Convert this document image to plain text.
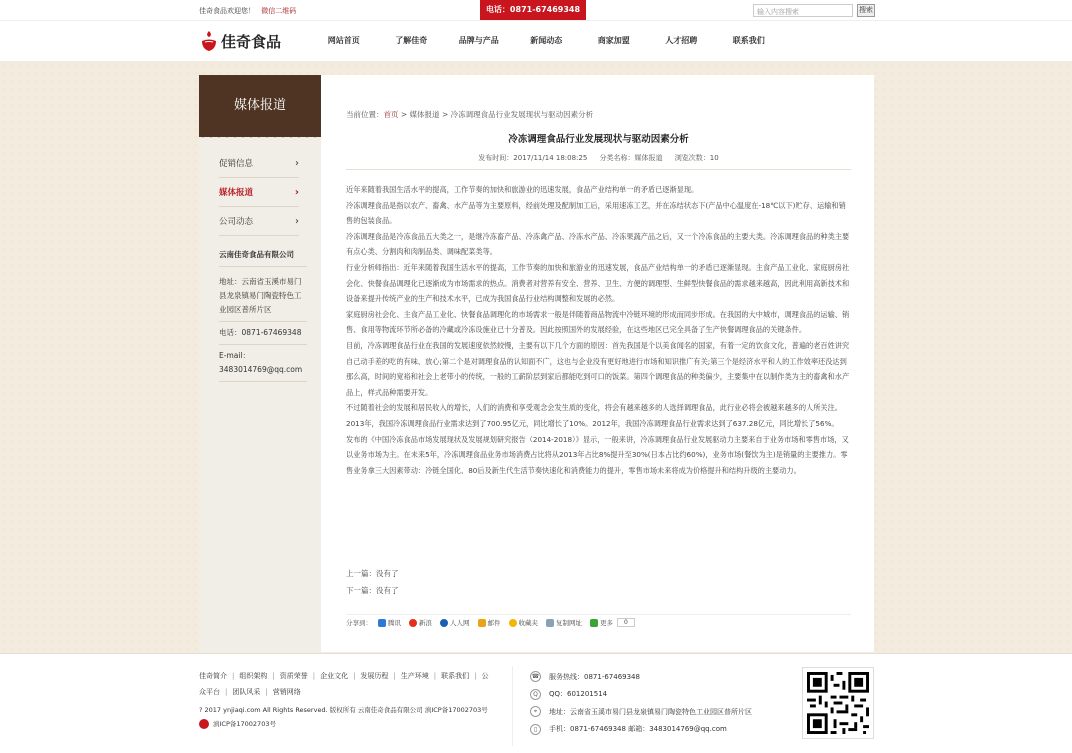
佳奇食品欢迎您！ 微信二维码	电话：0871-67469348	输入内容搜索	搜索
佳奇食品	网站首页	了解佳奇	品牌与产品	新闻动态	商家加盟	人才招聘	联系我们
媒体报道
促销信息	›
媒体报道	›
公司动态	›
云南佳奇食品有限公司
地址：云南省玉溪市易门县龙泉镇易门陶瓷特色工业园区普所片区
电话：0871-67469348
E-mail：
3483014769@qq.com
当前位置：首页 > 媒体报道 > 冷冻调理食品行业发展现状与驱动因素分析
冷冻调理食品行业发展现状与驱动因素分析
发布时间：2017/11/14 18:08:25 分类名称：媒体报道 浏览次数：10

近年来随着我国生活水平的提高，工作节奏的加快和旅游业的迅速发展，食品产业结构单一的矛盾已逐渐显现。

冷冻调理食品是指以农产、畜禽、水产品等为主要原料，经前处理及配制加工后，采用速冻工艺，并在冻结状态下(产品中心温度在-18℃以下)贮存、运输和销售的包装食品。

冷冻调理食品是冷冻食品五大类之一，是继冷冻畜产品、冷冻禽产品、冷冻水产品、冷冻果蔬产品之后，又一个冷冻食品的主要大类。冷冻调理食品的种类主要有点心类、分割肉和肉制品类、调味配菜类等。

行业分析师指出：近年来随着我国生活水平的提高，工作节奏的加快和旅游业的迅速发展，食品产业结构单一的矛盾已逐渐显现。主食产品工业化、家庭厨房社会化、快餐食品调理化已逐渐成为市场需求的热点。消费者对营养有安全、营养、卫生、方便的调理型、生鲜型快餐食品的需求越来越高，因此利用高新技术和设备来提升传统产业的生产和技术水平，已成为我国食品行业结构调整和发展的必然。

家庭厨房社会化、主食产品工业化、快餐食品调理化的市场需求一般是伴随着商品物流中冷链环境的形成而同步形成。在我国的大中城市，调理食品的运输、销售、食用等物流环节所必备的冷藏或冷冻设施业已十分普及。因此按照国外的发展经验，在这些地区已完全具备了生产快餐调理食品的关键条件。

目前，冷冻调理食品行业在我国的发展速度依然较慢，主要有以下几个方面的原因：首先我国是个以美食闻名的国家，有着一定的饮食文化，普遍的老百姓讲究自己动手差的吃的有味、放心;第二个是对调理食品的认知面不广，这也与企业没有更好地进行市场和知识推广有关;第三个是经济水平和人的工作效率还没达到那么高，时间的宽裕和社会上老带小的传统，一般的工薪阶层到家后都能吃到可口的饭菜。第四个调理食品的种类偏少，主要集中在以制作类为主的畜禽和水产品上，样式品种需要开发。

不过随着社会的发展和居民收入的增长，人们的消费和享受观念会发生质的变化，将会有越来越多的人选择调理食品，此行业必将会被越来越多的人所关注。

2013年，我国冷冻调理食品行业需求达到了700.95亿元，同比增长了10%。2012年，我国冷冻调理食品行业需求达到了637.28亿元，同比增长了56%。

发布的《中国冷冻食品市场发展现状及发展规划研究报告（2014-2018）》显示，一般来讲，冷冻调理食品行业发展驱动力主要来自于业务市场和零售市场，又以业务市场为主。在未来5年，冷冻调理食品业务市场消费占比将从2013年占比8%提升至30%(日本占比约60%)，业务市场(餐饮为主)是销量的主要推力。零售业务拿三大因素带动：冷链全国化、80后及新生代生活节奏快速化和消费能力的提升，零售市场未来将成为价格提升和结构升级的主要动力。

上一篇：没有了
下一篇：没有了
分享到： 腾讯	新浪	人人网	邮件	收藏夹	复制网址	更多	0
佳奇简介 | 组织架构 | 资质荣誉 | 企业文化 | 发展历程 | 生产环境 | 联系我们 | 公众平台 | 团队风采 | 营销网络
? 2017 ynjiaqi.com All Rights Reserved. 版权所有 云南佳奇食品有限公司 滇ICP备17002703号
滇ICP备17002703号
☎ 服务热线：0871-67469348
Q	QQ：601201514
⌖	地址：云南省玉溪市易门县龙泉镇易门陶瓷特色工业园区普所片区
▯	手机：0871-67469348 邮箱：3483014769@qq.com
